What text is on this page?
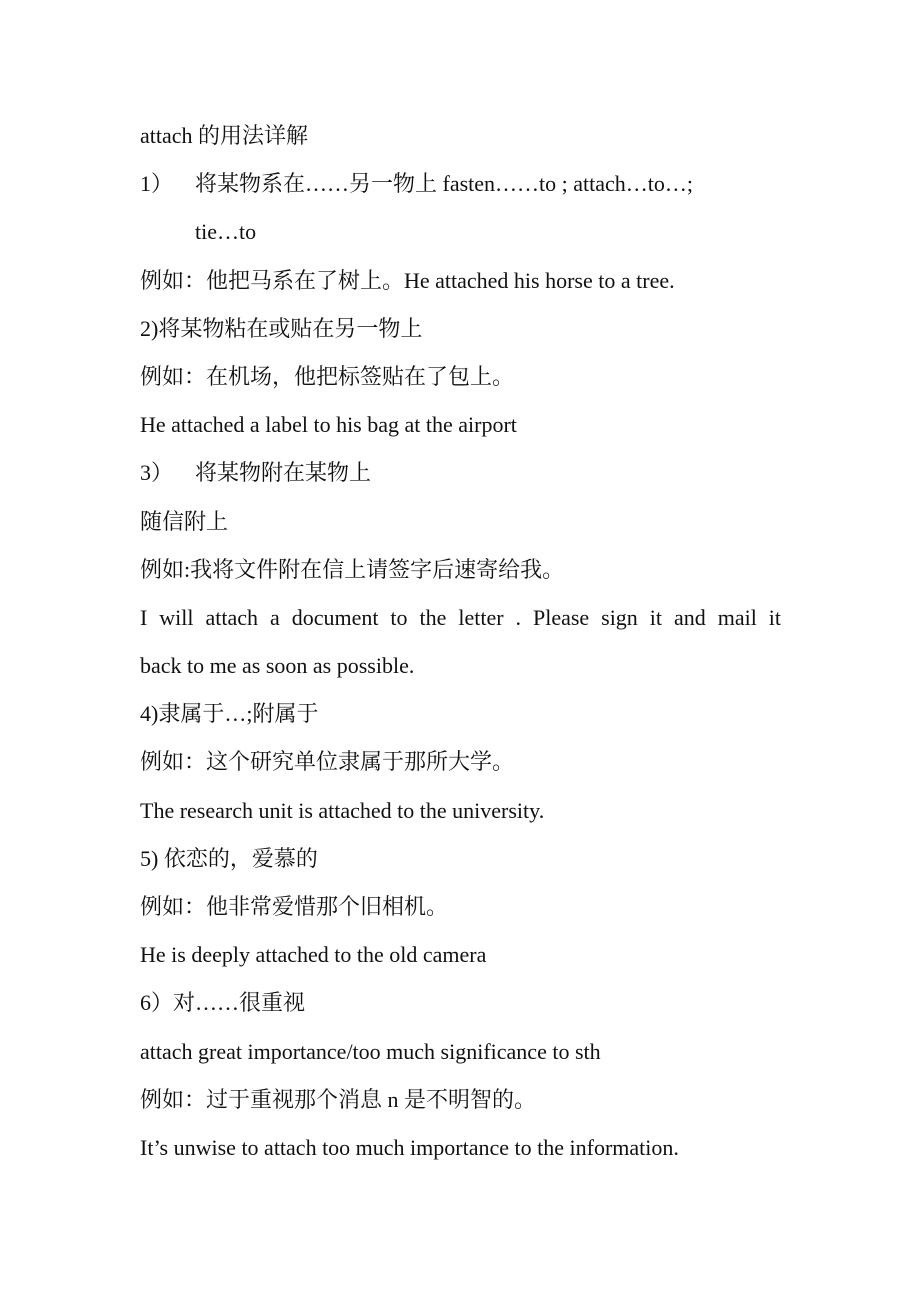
attach 的用法详解
1） 将某物系在……另一物上 fasten……to ; attach…to…;
tie…to
例如：他把马系在了树上。He attached his horse to a tree.
2)将某物粘在或贴在另一物上
例如：在机场，他把标签贴在了包上。
He attached a label to his bag at the airport
3） 将某物附在某物上
随信附上
例如:我将文件附在信上请签字后速寄给我。
I will attach a document to the letter . Please sign it and mail it
back to me as soon as possible.
4)隶属于…;附属于
例如：这个研究单位隶属于那所大学。
The research unit is attached to the university.
5) 依恋的，爱慕的
例如：他非常爱惜那个旧相机。
He is deeply attached to the old camera
6）对……很重视
attach great importance/too much significance to sth
例如：过于重视那个消息 n 是不明智的。
It’s unwise to attach too much importance to the information.
